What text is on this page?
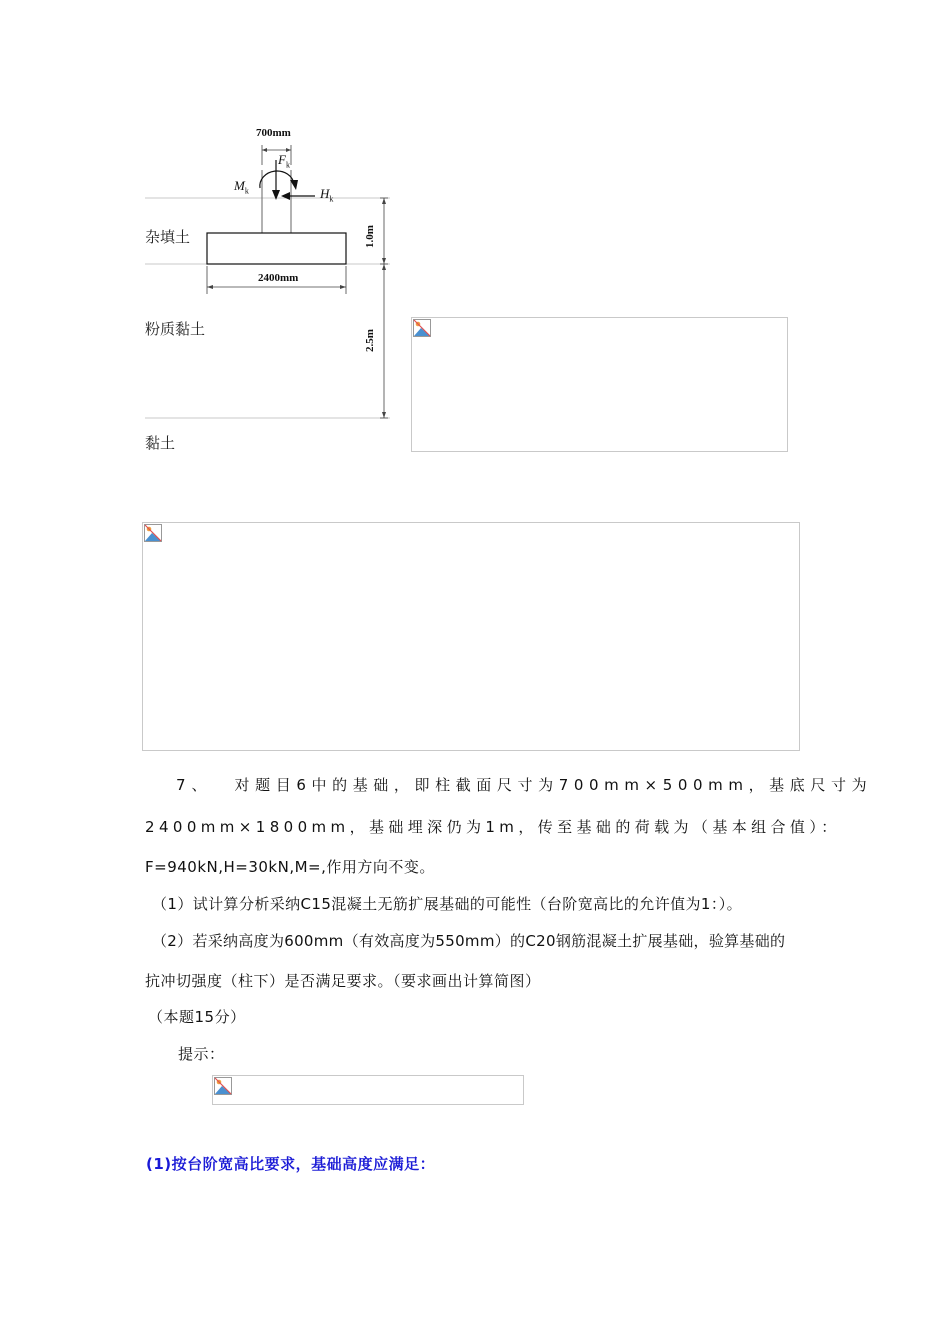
700mm
$F_k$
$M_k$	$H_k$
2400mm
1.0m
2.5m
杂填土
粉质黏土
黏土
7、 对题目6中的基础，即柱截面尺寸为700mm×500mm，基底尺寸为
2400mm×1800mm，基础埋深仍为1m，传至基础的荷载为（基本组合值）：
F=940kN,H=30kN,M=,作用方向不变。
（1）试计算分析采纳C15混凝土无筋扩展基础的可能性（台阶宽高比的允许值为1：）。
（2）若采纳高度为600mm（有效高度为550mm）的C20钢筋混凝土扩展基础，验算基础的
抗冲切强度（柱下）是否满足要求。（要求画出计算简图）
（本题15分）
提示：
(1)按台阶宽高比要求，基础高度应满足：
